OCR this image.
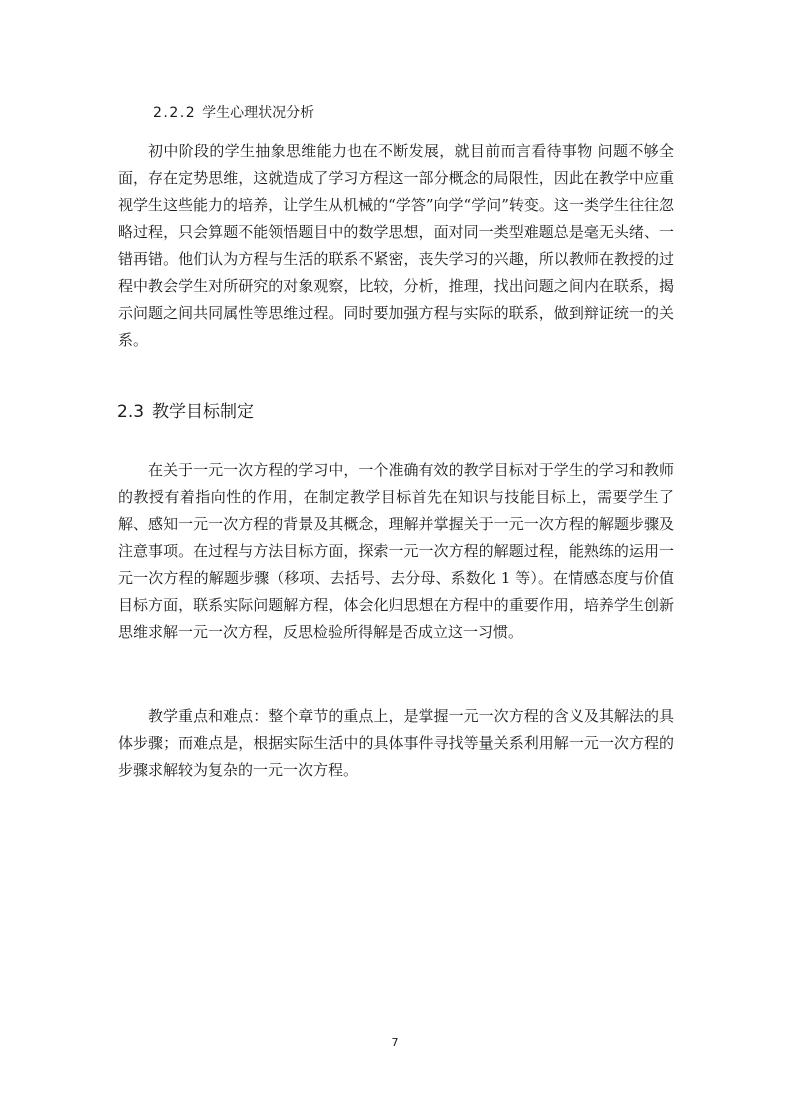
2.2.2 学生心理状况分析

初中阶段的学生抽象思维能力也在不断发展，就目前而言看待事物 问题不够全面，存在定势思维，这就造成了学习方程这一部分概念的局限性，因此在教学中应重视学生这些能力的培养，让学生从机械的“学答”向学“学问”转变。这一类学生往往忽略过程，只会算题不能领悟题目中的数学思想，面对同一类型难题总是毫无头绪、一错再错。他们认为方程与生活的联系不紧密，丧失学习的兴趣，所以教师在教授的过程中教会学生对所研究的对象观察，比较，分析，推理，找出问题之间内在联系，揭示问题之间共同属性等思维过程。同时要加强方程与实际的联系，做到辩证统一的关系。

2.3 教学目标制定

在关于一元一次方程的学习中，一个准确有效的教学目标对于学生的学习和教师的教授有着指向性的作用，在制定教学目标首先在知识与技能目标上，需要学生了解、感知一元一次方程的背景及其概念，理解并掌握关于一元一次方程的解题步骤及注意事项。在过程与方法目标方面，探索一元一次方程的解题过程，能熟练的运用一元一次方程的解题步骤（移项、去括号、去分母、系数化 1 等）。在情感态度与价值目标方面，联系实际问题解方程，体会化归思想在方程中的重要作用，培养学生创新思维求解一元一次方程，反思检验所得解是否成立这一习惯。

教学重点和难点：整个章节的重点上，是掌握一元一次方程的含义及其解法的具体步骤；而难点是，根据实际生活中的具体事件寻找等量关系利用解一元一次方程的步骤求解较为复杂的一元一次方程。

7
